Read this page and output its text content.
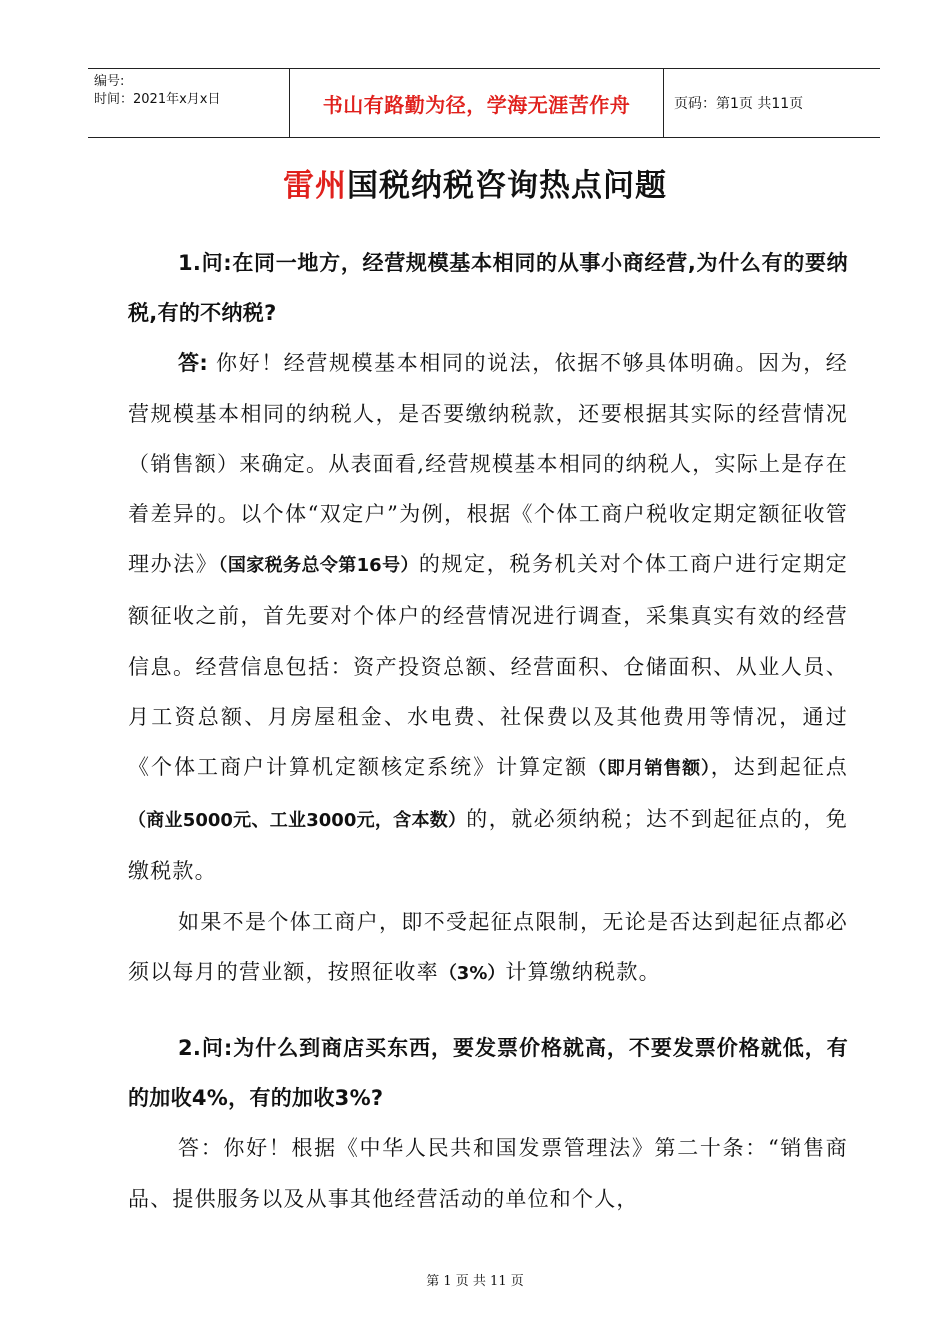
编号:
时间：2021年x月x日	书山有路勤为径，学海无涯苦作舟	页码：第1页 共11页
雷州国税纳税咨询热点问题

1.问:在同一地方，经营规模基本相同的从事小商经营,为什么有的要纳税,有的不纳税?

答: 你好！经营规模基本相同的说法，依据不够具体明确。因为，经营规模基本相同的纳税人，是否要缴纳税款，还要根据其实际的经营情况（销售额）来确定。从表面看,经营规模基本相同的纳税人，实际上是存在着差异的。以个体“双定户”为例，根据《个体工商户税收定期定额征收管理办法》（国家税务总令第16号）的规定，税务机关对个体工商户进行定期定额征收之前，首先要对个体户的经营情况进行调查，采集真实有效的经营信息。经营信息包括：资产投资总额、经营面积、仓储面积、从业人员、月工资总额、月房屋租金、水电费、社保费以及其他费用等情况，通过《个体工商户计算机定额核定系统》计算定额（即月销售额），达到起征点（商业5000元、工业3000元，含本数）的，就必须纳税；达不到起征点的，免缴税款。

如果不是个体工商户，即不受起征点限制，无论是否达到起征点都必须以每月的营业额，按照征收率（3%）计算缴纳税款。

2.问:为什么到商店买东西，要发票价格就高，不要发票价格就低，有的加收4%，有的加收3%?

答：你好！根据《中华人民共和国发票管理法》第二十条：“销售商品、提供服务以及从事其他经营活动的单位和个人，

第 1 页 共 11 页
